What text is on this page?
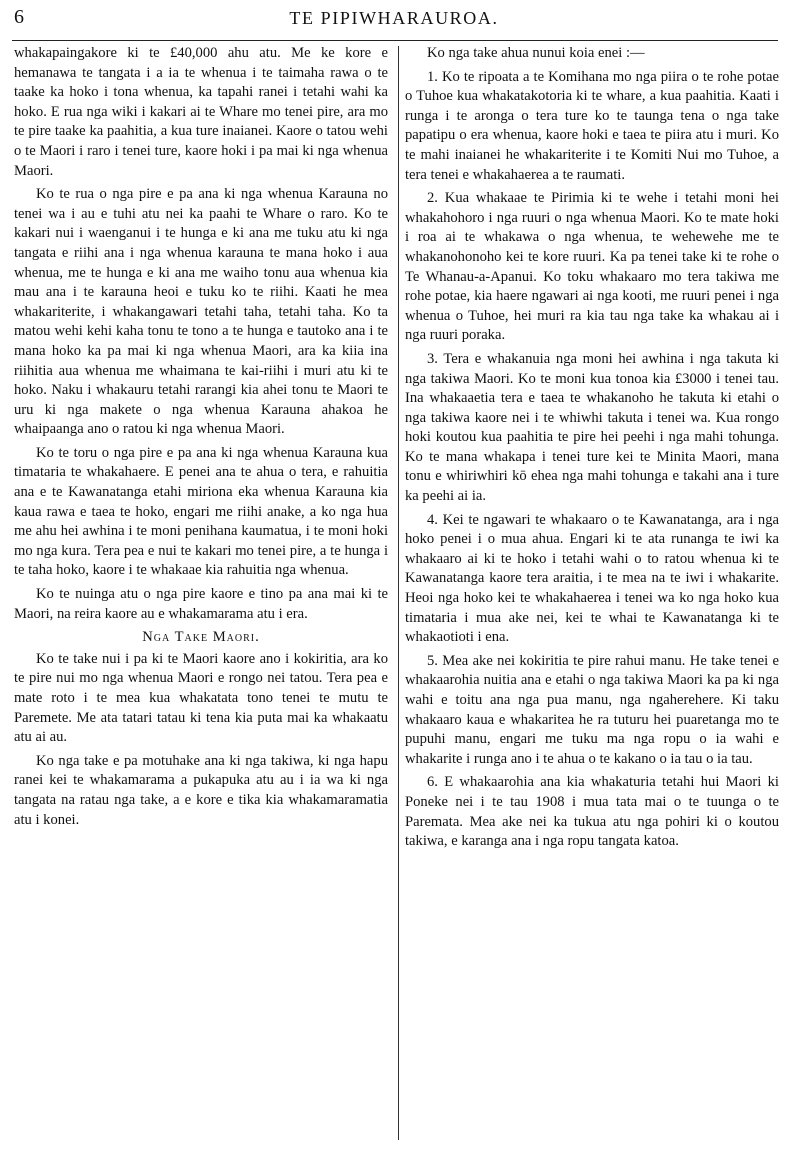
6	TE PIPIWHARAUROA.

whakapaingakore ki te £40,000 ahu atu. Me ke kore e hemanawa te tangata i a ia te whenua i te taimaha rawa o te taake ka hoko i tona whenua, ka tapahi ranei i tetahi wahi ka hoko. E rua nga wiki i kakari ai te Whare mo tenei pire, ara mo te pire taake ka paahitia, a kua ture inaianei. Kaore o tatou wehi o te Maori i raro i tenei ture, kaore hoki i pa mai ki nga whenua Maori.

Ko te rua o nga pire e pa ana ki nga whenua Karauna no tenei wa i au e tuhi atu nei ka paahi te Whare o raro. Ko te kakari nui i waenganui i te hunga e ki ana me tuku atu ki nga tangata e riihi ana i nga whenua karauna te mana hoko i aua whenua, me te hunga e ki ana me waiho tonu aua whenua kia mau ana i te karauna heoi e tuku ko te riihi. Kaati he mea whakariterite, i whakangawari tetahi taha, tetahi taha. Ko ta matou wehi kehi kaha tonu te tono a te hunga e tautoko ana i te mana hoko ka pa mai ki nga whenua Maori, ara ka kiia ina riihitia aua whenua me whaimana te kai-riihi i muri atu ki te hoko. Naku i whakauru tetahi rarangi kia ahei tonu te Maori te uru ki nga makete o nga whenua Karauna ahakoa he whaipaanga ano o ratou ki nga whenua Maori.

Ko te toru o nga pire e pa ana ki nga whenua Karauna kua timataria te whakahaere. E penei ana te ahua o tera, e rahuitia ana e te Kawanatanga etahi miriona eka whenua Karauna kia kaua rawa e taea te hoko, engari me riihi anake, a ko nga hua me ahu hei awhina i te moni penihana kaumatua, i te moni hoki mo nga kura. Tera pea e nui te kakari mo tenei pire, a te hunga i te taha hoko, kaore i te whakaae kia rahuitia nga whenua.

Ko te nuinga atu o nga pire kaore e tino pa ana mai ki te Maori, na reira kaore au e whakamarama atu i era.

Nga Take Maori.

Ko te take nui i pa ki te Maori kaore ano i kokiritia, ara ko te pire nui mo nga whenua Maori e rongo nei tatou. Tera pea e mate roto i te mea kua whakatata tono tenei te mutu te Paremete. Me ata tatari tatau ki tena kia puta mai ka whakaatu atu ai au.

Ko nga take e pa motuhake ana ki nga takiwa, ki nga hapu ranei kei te whakamarama a pukapuka atu au i ia wa ki nga tangata na ratau nga take, a e kore e tika kia whakamaramatia atu i konei.

Ko nga take ahua nunui koia enei :—

1. Ko te ripoata a te Komihana mo nga piira o te rohe potae o Tuhoe kua whakatakotoria ki te whare, a kua paahitia. Kaati i runga i te aronga o tera ture ko te taunga tena o nga take papatipu o era whenua, kaore hoki e taea te piira atu i muri. Ko te mahi inaianei he whakariterite i te Komiti Nui mo Tuhoe, a tera tenei e whakahaerea a te raumati.

2. Kua whakaae te Pirimia ki te wehe i tetahi moni hei whakahohoro i nga ruuri o nga whenua Maori. Ko te mate hoki i roa ai te whakawa o nga whenua, te wehewehe me te whakanohonoho kei te kore ruuri. Ka pa tenei take ki te rohe o Te Whanau-a-Apanui. Ko toku whakaaro mo tera takiwa me rohe potae, kia haere ngawari ai nga kooti, me ruuri penei i nga whenua o Tuhoe, hei muri ra kia tau nga take ka whakau ai i nga ruuri poraka.

3. Tera e whakanuia nga moni hei awhina i nga takuta ki nga takiwa Maori. Ko te moni kua tonoa kia £3000 i tenei tau. Ina whakaaetia tera e taea te whakanoho he takuta ki etahi o nga takiwa kaore nei i te whiwhi takuta i tenei wa. Kua rongo hoki koutou kua paahitia te pire hei peehi i nga mahi tohunga. Ko te mana whakapa i tenei ture kei te Minita Maori, mana tonu e whiriwhiri kō ehea nga mahi tohunga e takahi ana i ture ka peehi ai ia.

4. Kei te ngawari te whakaaro o te Kawanatanga, ara i nga hoko penei i o mua ahua. Engari ki te ata runanga te iwi ka whakaaro ai ki te hoko i tetahi wahi o to ratou whenua ki te Kawanatanga kaore tera araitia, i te mea na te iwi i whakarite. Heoi nga hoko kei te whakahaerea i tenei wa ko nga hoko kua timataria i mua ake nei, kei te whai te Kawanatanga ki te whakaotioti i ena.

5. Mea ake nei kokiritia te pire rahui manu. He take tenei e whakaarohia nuitia ana e etahi o nga takiwa Maori ka pa ki nga wahi e toitu ana nga pua manu, nga ngaherehere. Ki taku whakaaro kaua e whakaritea he ra tuturu hei puaretanga mo te pupuhi manu, engari me tuku ma nga ropu o ia wahi e whakarite i runga ano i te ahua o te kakano o ia tau o ia tau.

6. E whakaarohia ana kia whakaturia tetahi hui Maori ki Poneke nei i te tau 1908 i mua tata mai o te tuunga o te Paremata. Mea ake nei ka tukua atu nga pohiri ki o koutou takiwa, e karanga ana i nga ropu tangata katoa.
